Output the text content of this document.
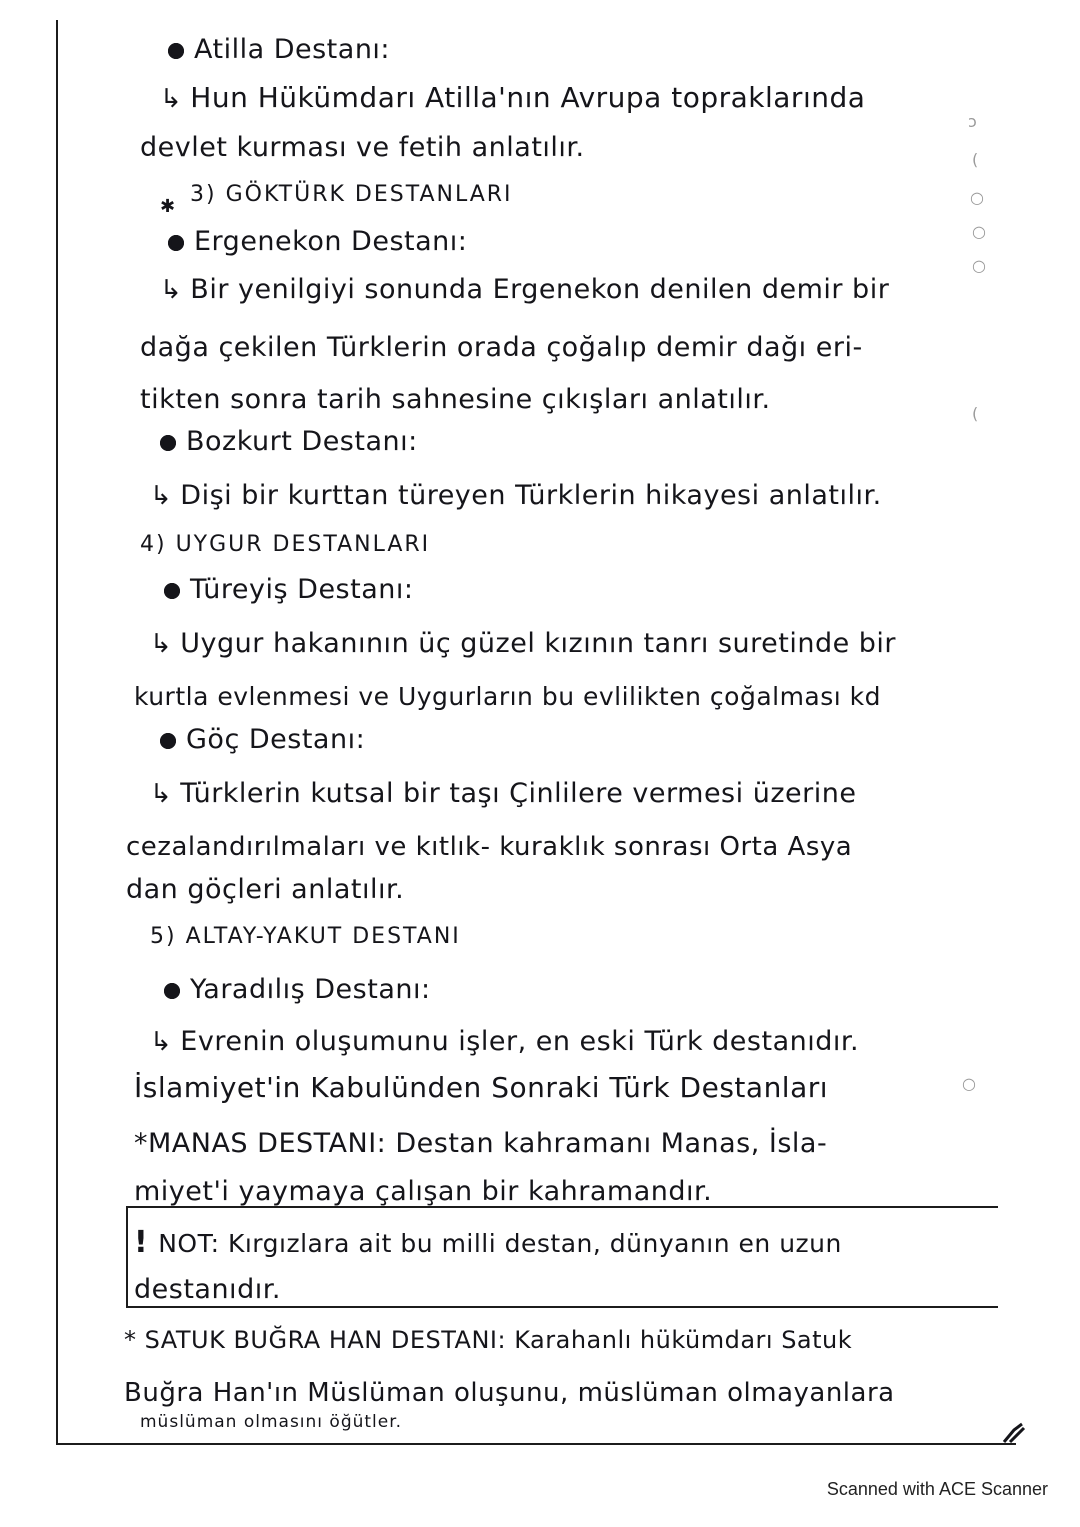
ↄ
(
○
○
○
(
○
Atilla Destanı:
↳ Hun Hükümdarı Atilla'nın Avrupa topraklarında
devlet kurması ve fetih anlatılır.
3) GÖKTÜRK DESTANLARI
✱
Ergenekon Destanı:
↳ Bir yenilgiyi sonunda Ergenekon denilen demir bir
dağa çekilen Türklerin orada çoğalıp demir dağı eri-
tikten sonra tarih sahnesine çıkışları anlatılır.
Bozkurt Destanı:
↳ Dişi bir kurttan türeyen Türklerin hikayesi anlatılır.
4) UYGUR DESTANLARI
Türeyiş Destanı:
↳ Uygur hakanının üç güzel kızının tanrı suretinde bir
kurtla evlenmesi ve Uygurların bu evlilikten çoğalması kd
Göç Destanı:
↳ Türklerin kutsal bir taşı Çinlilere vermesi üzerine
cezalandırılmaları ve kıtlık- kuraklık sonrası Orta Asya
dan göçleri anlatılır.
5) ALTAY-YAKUT DESTANI
Yaradılış Destanı:
↳ Evrenin oluşumunu işler, en eski Türk destanıdır.
İslamiyet'in Kabulünden Sonraki Türk Destanları
*MANAS DESTANI: Destan kahramanı Manas, İsla-
miyet'i yaymaya çalışan bir kahramandır.
! NOT: Kırgızlara ait bu milli destan, dünyanın en uzun
destanıdır.
* SATUK BUĞRA HAN DESTANI: Karahanlı hükümdarı Satuk
Buğra Han'ın Müslüman oluşunu, müslüman olmayanlara
müslüman olmasını öğütler.
Scanned with ACE Scanner
